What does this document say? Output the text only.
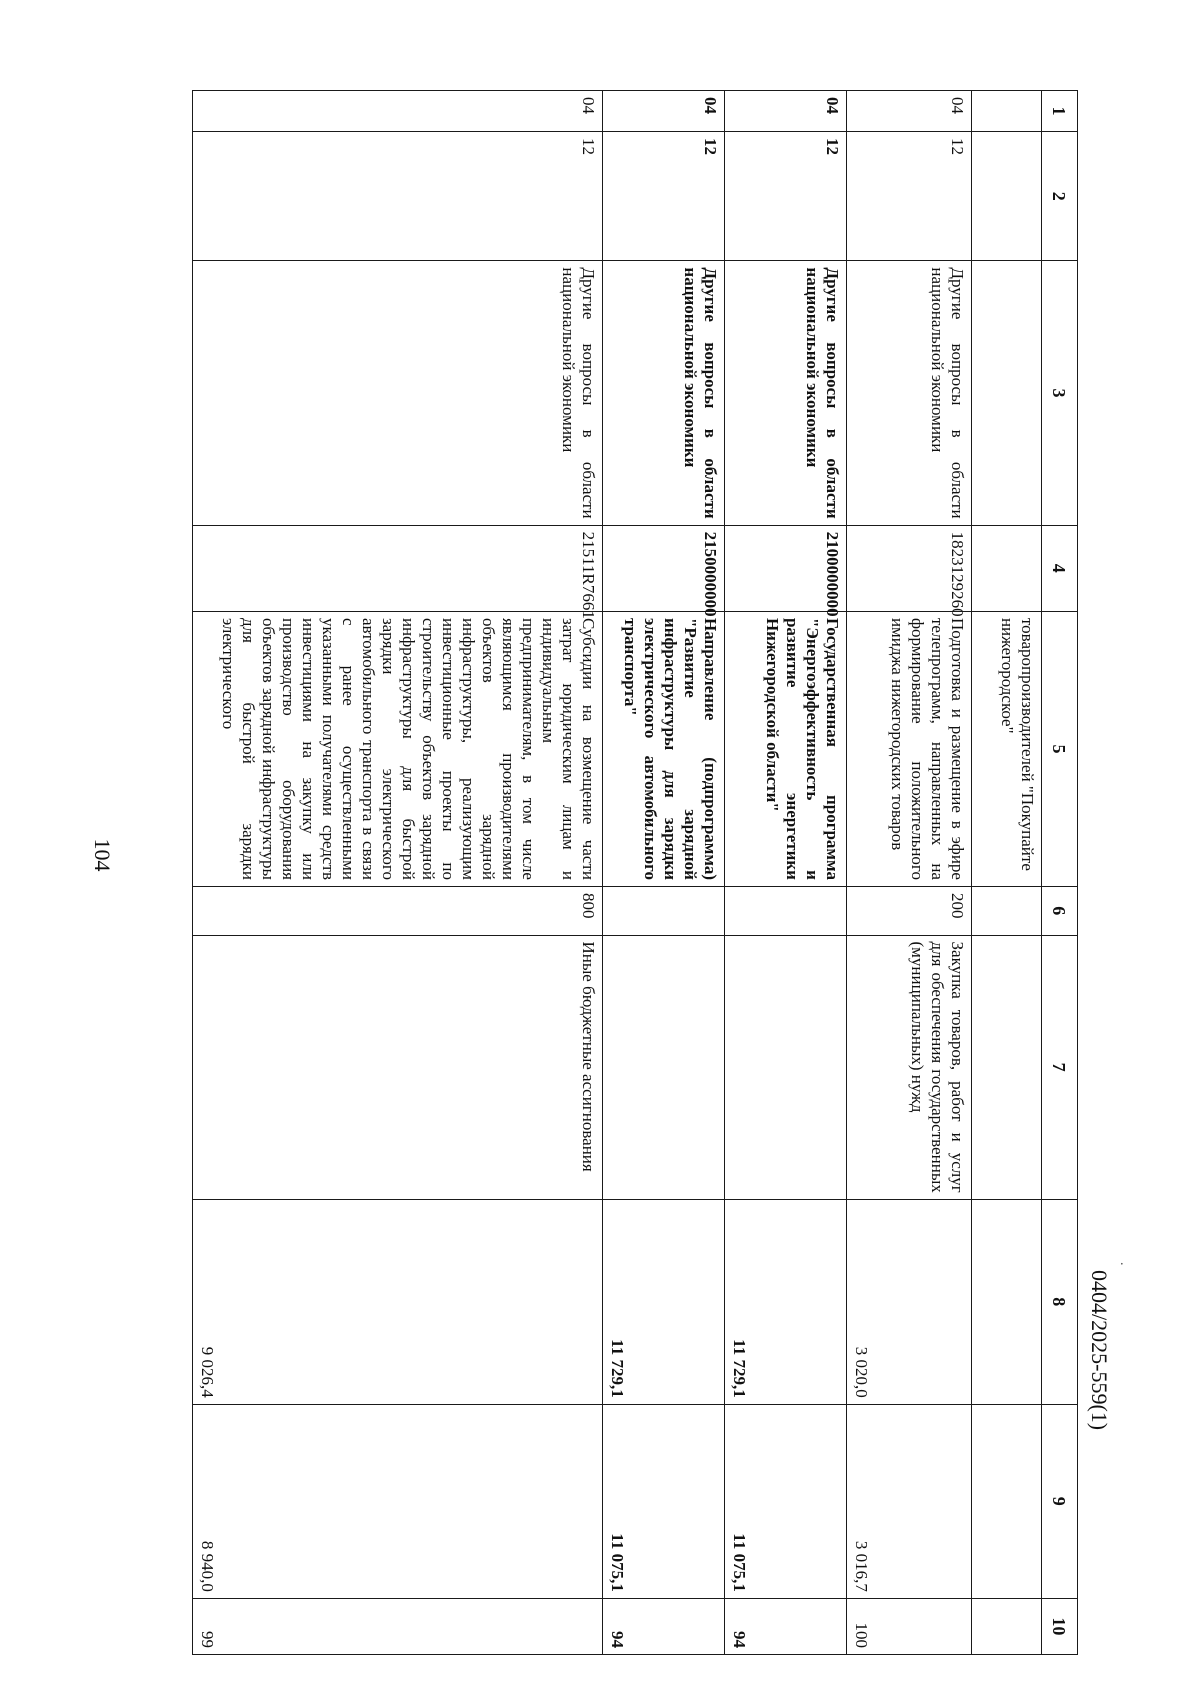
104
.
0404/2025-559(1)
1	2	3	4	5	6	7	8	9	10
				товаропроизводителей "Покупайте нижегородское"					
04	12	Другие вопросы в области национальной экономики	1823129260	Подготовка и размещение в эфире телепрограмм, направленных на формирование положительного имиджа нижегородских товаров	200	Закупка товаров, работ и услуг для обеспечения государственных (муниципальных) нужд	3 020,0	3 016,7	100
04	12	Другие вопросы в области национальной экономики	2100000000	Государственная программа "Энергоэффективность и развитие энергетики Нижегородской области"			11 729,1	11 075,1	94
04	12	Другие вопросы в области национальной экономики	2150000000	Направление (подпрограмма) "Развитие зарядной инфраструктуры для зарядки электрического автомобильного транспорта"			11 729,1	11 075,1	94
04	12	Другие вопросы в области национальной экономики	21511R7661	Субсидии на возмещение части затрат юридическим лицам и индивидуальным предпринимателям, в том числе являющимся производителями объектов зарядной инфраструктуры, реализующим инвестиционные проекты по строительству объектов зарядной инфраструктуры для быстрой зарядки электрического автомобильного транспорта в связи с ранее осуществленными указанными получателями средств инвестициями на закупку или производство оборудования объектов зарядной инфраструктуры для быстрой зарядки электрического	800	Иные бюджетные ассигнования	9 026,4	8 940,0	99
